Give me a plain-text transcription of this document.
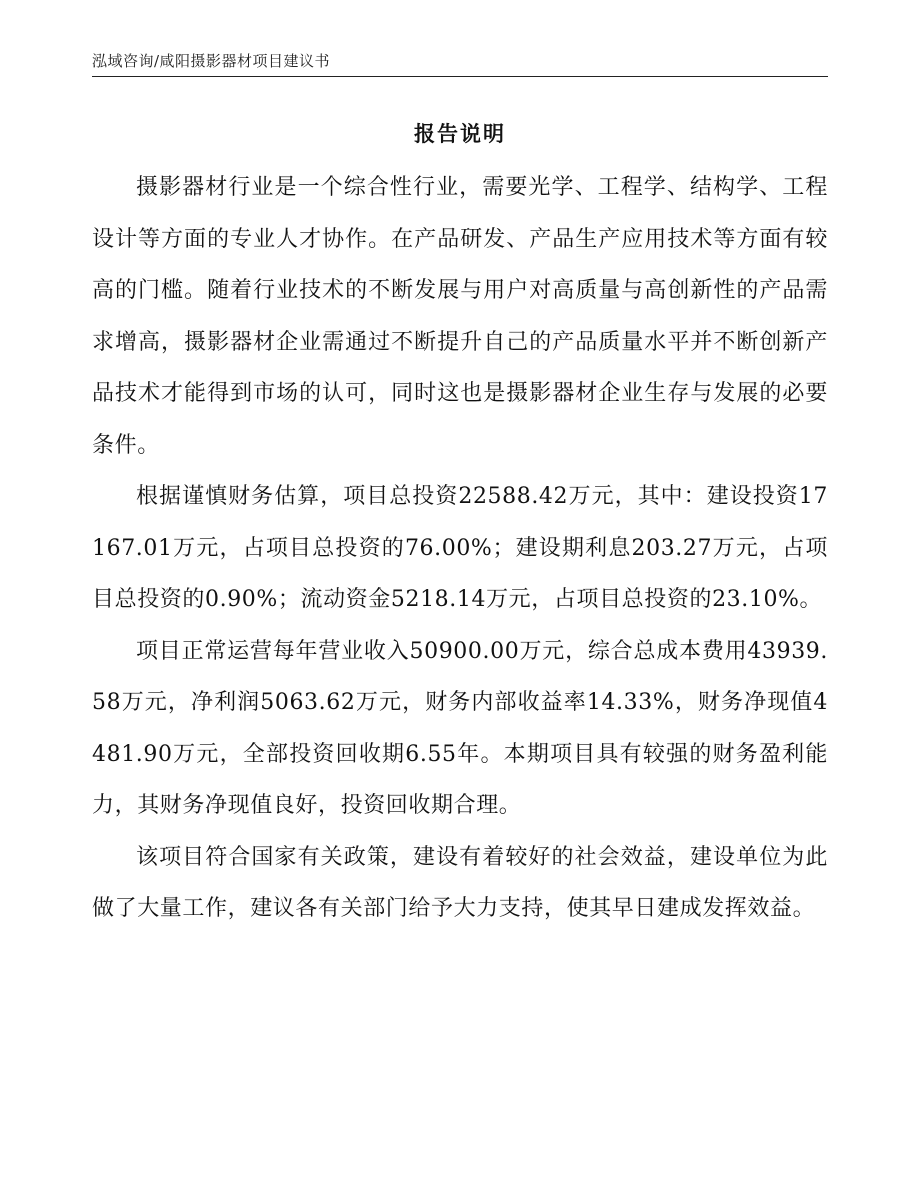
泓域咨询/咸阳摄影器材项目建议书
报告说明

摄影器材行业是一个综合性行业，需要光学、工程学、结构学、工程设计等方面的专业人才协作。在产品研发、产品生产应用技术等方面有较高的门槛。随着行业技术的不断发展与用户对高质量与高创新性的产品需求增高，摄影器材企业需通过不断提升自己的产品质量水平并不断创新产品技术才能得到市场的认可，同时这也是摄影器材企业生存与发展的必要条件。

根据谨慎财务估算，项目总投资22588.42万元，其中：建设投资17167.01万元，占项目总投资的76.00%；建设期利息203.27万元，占项目总投资的0.90%；流动资金5218.14万元，占项目总投资的23.10%。

项目正常运营每年营业收入50900.00万元，综合总成本费用43939.58万元，净利润5063.62万元，财务内部收益率14.33%，财务净现值4481.90万元，全部投资回收期6.55年。本期项目具有较强的财务盈利能力，其财务净现值良好，投资回收期合理。

该项目符合国家有关政策，建设有着较好的社会效益，建设单位为此做了大量工作，建议各有关部门给予大力支持，使其早日建成发挥效益。
